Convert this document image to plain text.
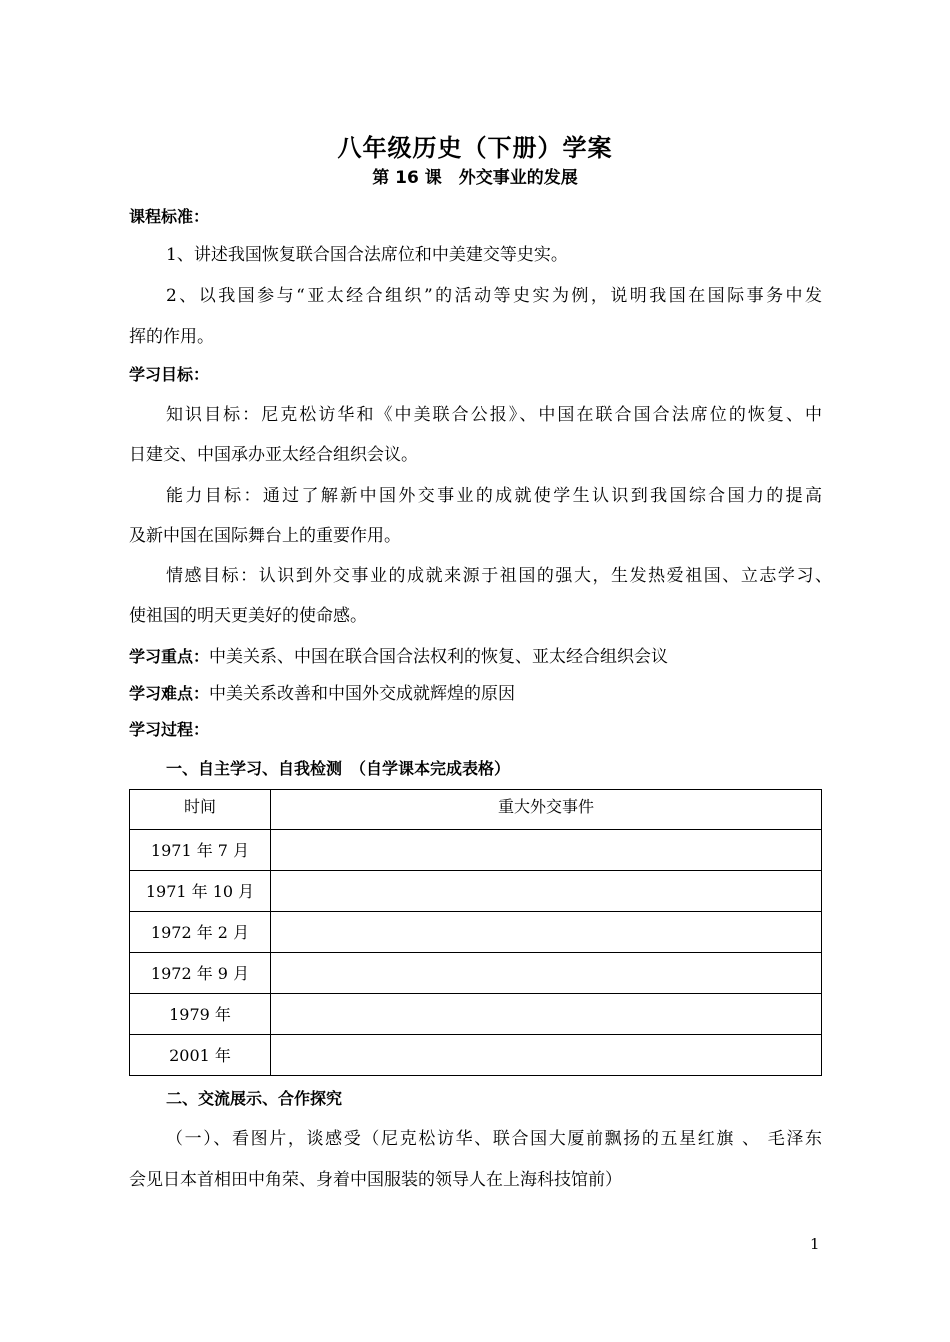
八年级历史（下册）学案
第 16 课　外交事业的发展
课程标准：
1、讲述我国恢复联合国合法席位和中美建交等史实。
2、以我国参与“亚太经合组织”的活动等史实为例，说明我国在国际事务中发
挥的作用。
学习目标：
知识目标：尼克松访华和《中美联合公报》、中国在联合国合法席位的恢复、中
日建交、中国承办亚太经合组织会议。
能力目标：通过了解新中国外交事业的成就使学生认识到我国综合国力的提高
及新中国在国际舞台上的重要作用。
情感目标：认识到外交事业的成就来源于祖国的强大，生发热爱祖国、立志学习、
使祖国的明天更美好的使命感。
学习重点：中美关系、中国在联合国合法权利的恢复、亚太经合组织会议
学习难点：中美关系改善和中国外交成就辉煌的原因
学习过程：
一、自主学习、自我检测　（自学课本完成表格）
时间	重大外交事件
1971 年 7 月	
1971 年 10 月	
1972 年 2 月	
1972 年 9 月	
1979 年	
2001 年	
二、交流展示、合作探究
（一）、看图片，谈感受（尼克松访华、联合国大厦前飘扬的五星红旗 、 毛泽东
会见日本首相田中角荣、身着中国服装的领导人在上海科技馆前）
1
